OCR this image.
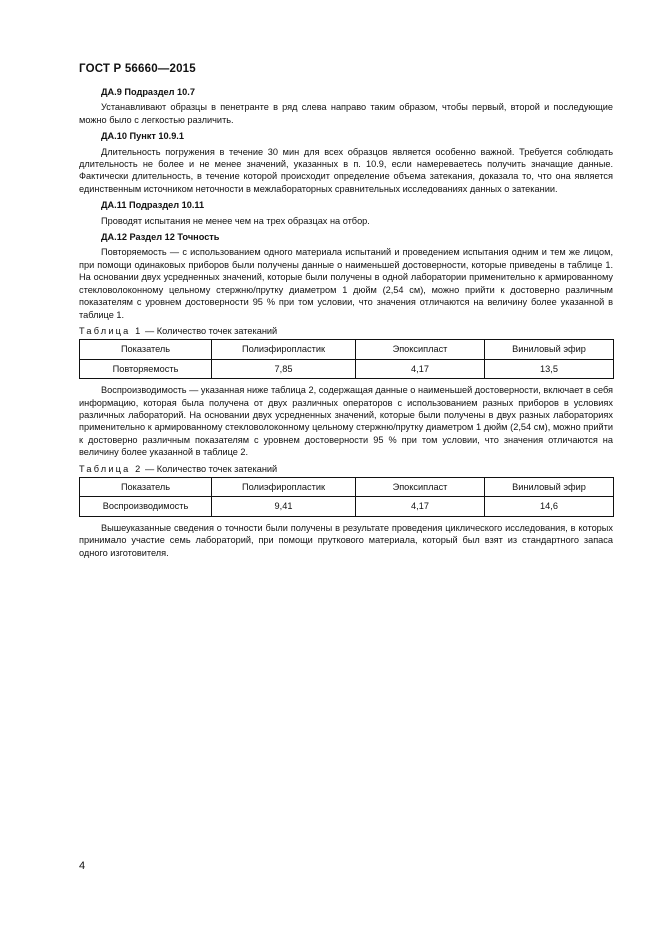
ГОСТ Р 56660—2015
ДА.9 Подраздел 10.7

Устанавливают образцы в пенетранте в ряд слева направо таким образом, чтобы первый, второй и последующие можно было с легкостью различить.

ДА.10 Пункт 10.9.1

Длительность погружения в течение 30 мин для всех образцов является особенно важной. Требуется соблюдать длительность не более и не менее значений, указанных в п. 10.9, если намереваетесь получить значащие данные. Фактически длительность, в течение которой происходит определение объема затекания, доказала то, что она является единственным источником неточности в межлабораторных сравнительных исследованиях данных о затекании.

ДА.11 Подраздел 10.11

Проводят испытания не менее чем на трех образцах на отбор.

ДА.12 Раздел 12 Точность

Повторяемость — с использованием одного материала испытаний и проведением испытания одним и тем же лицом, при помощи одинаковых приборов были получены данные о наименьшей достоверности, которые приведены в таблице 1. На основании двух усредненных значений, которые были получены в одной лаборатории применительно к армированному стекловолоконному цельному стержню/прутку диаметром 1 дюйм (2,54 см), можно прийти к достоверно различным показателям с уровнем достоверности 95 % при том условии, что значения отличаются на величину более указанной в таблице 1.

Таблица 1 — Количество точек затеканий
Показатель	Полиэфиропластик	Эпоксипласт	Виниловый эфир
Повторяемость	7,85	4,17	13,5

Воспроизводимость — указанная ниже таблица 2, содержащая данные о наименьшей достоверности, включает в себя информацию, которая была получена от двух различных операторов с использованием разных приборов в условиях различных лабораторий. На основании двух усредненных значений, которые были получены в двух разных лабораториях применительно к армированному стекловолоконному цельному стержню/прутку диаметром 1 дюйм (2,54 см), можно прийти к достоверно различным показателям с уровнем достоверности 95 % при том условии, что значения отличаются на величину более указанной в таблице 2.

Таблица 2 — Количество точек затеканий
Показатель	Полиэфиропластик	Эпоксипласт	Виниловый эфир
Воспроизводимость	9,41	4,17	14,6

Вышеуказанные сведения о точности были получены в результате проведения циклического исследования, в которых принимало участие семь лабораторий, при помощи пруткового материала, который был взят из стандартного запаса одного изготовителя.

4
